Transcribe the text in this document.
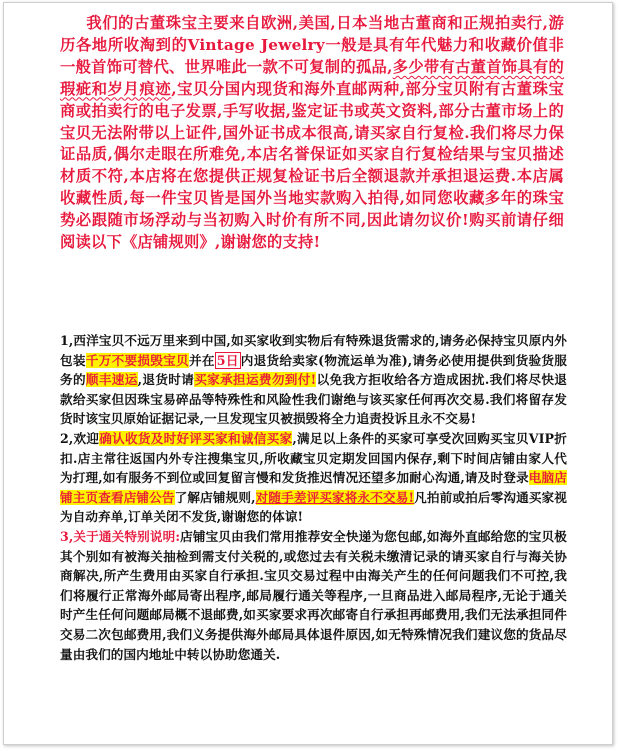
我们的古董珠宝主要来自欧洲,美国,日本当地古董商和正规拍卖行,游历各地所收淘到的Vintage Jewelry一般是具有年代魅力和收藏价值非一般首饰可替代、世界唯此一款不可复制的孤品,多少带有古董首饰具有的瑕疵和岁月痕迹,宝贝分国内现货和海外直邮两种,部分宝贝附有古董珠宝商或拍卖行的电子发票,手写收据,鉴定证书或英文资料,部分古董市场上的宝贝无法附带以上证件,国外证书成本很高,请买家自行复检.我们将尽力保证品质,偶尔走眼在所难免,本店名誉保证如买家自行复检结果与宝贝描述材质不符,本店将在您提供正规复检证书后全额退款并承担退运费.本店属收藏性质,每一件宝贝皆是国外当地实款购入拍得,如同您收藏多年的珠宝势必跟随市场浮动与当初购入时价有所不同,因此请勿议价!购买前请仔细阅读以下《店铺规则》,谢谢您的支持!

1,西洋宝贝不远万里来到中国,如买家收到实物后有特殊退货需求的,请务必保持宝贝原内外包装千万不要损毁宝贝并在 5日 内退货给卖家(物流运单为准),请务必使用提供到货验货服务的顺丰速运,退货时请买家承担运费勿到付!以免我方拒收给各方造成困扰.我们将尽快退款给买家但因珠宝易碎品等特殊性和风险性我们谢绝与该买家任何再次交易.我们将留存发货时该宝贝原始证据记录,一旦发现宝贝被损毁将全力追责投诉且永不交易!

2,欢迎确认收货及时好评买家和诚信买家,满足以上条件的买家可享受次回购买宝贝VIP折扣.店主常往返国内外专注搜集宝贝,所收藏宝贝定期发回国内保存,剩下时间店铺由家人代为打理,如有服务不到位或回复留言慢和发货推迟情况还望多加耐心沟通,请及时登录电脑店铺主页查看店铺公告了解店铺规则,对随手差评买家将永不交易!凡拍前或拍后零沟通买家视为自动弃单,订单关闭不发货,谢谢您的体谅!

3,关于通关特别说明:店铺宝贝由我们常用推荐安全快递为您包邮,如海外直邮给您的宝贝极其个别如有被海关抽检到需支付关税的,或您过去有关税未缴清记录的请买家自行与海关协商解决,所产生费用由买家自行承担.宝贝交易过程中由海关产生的任何问题我们不可控,我们将履行正常海外邮局寄出程序,邮局履行通关等程序,一旦商品进入邮局程序,无论于通关时产生任何问题邮局概不退邮费,如买家要求再次邮寄自行承担再邮费用,我们无法承担同件交易二次包邮费用,我们义务提供海外邮局具体退件原因,如无特殊情况我们建议您的货品尽量由我们的国内地址中转以协助您通关.
